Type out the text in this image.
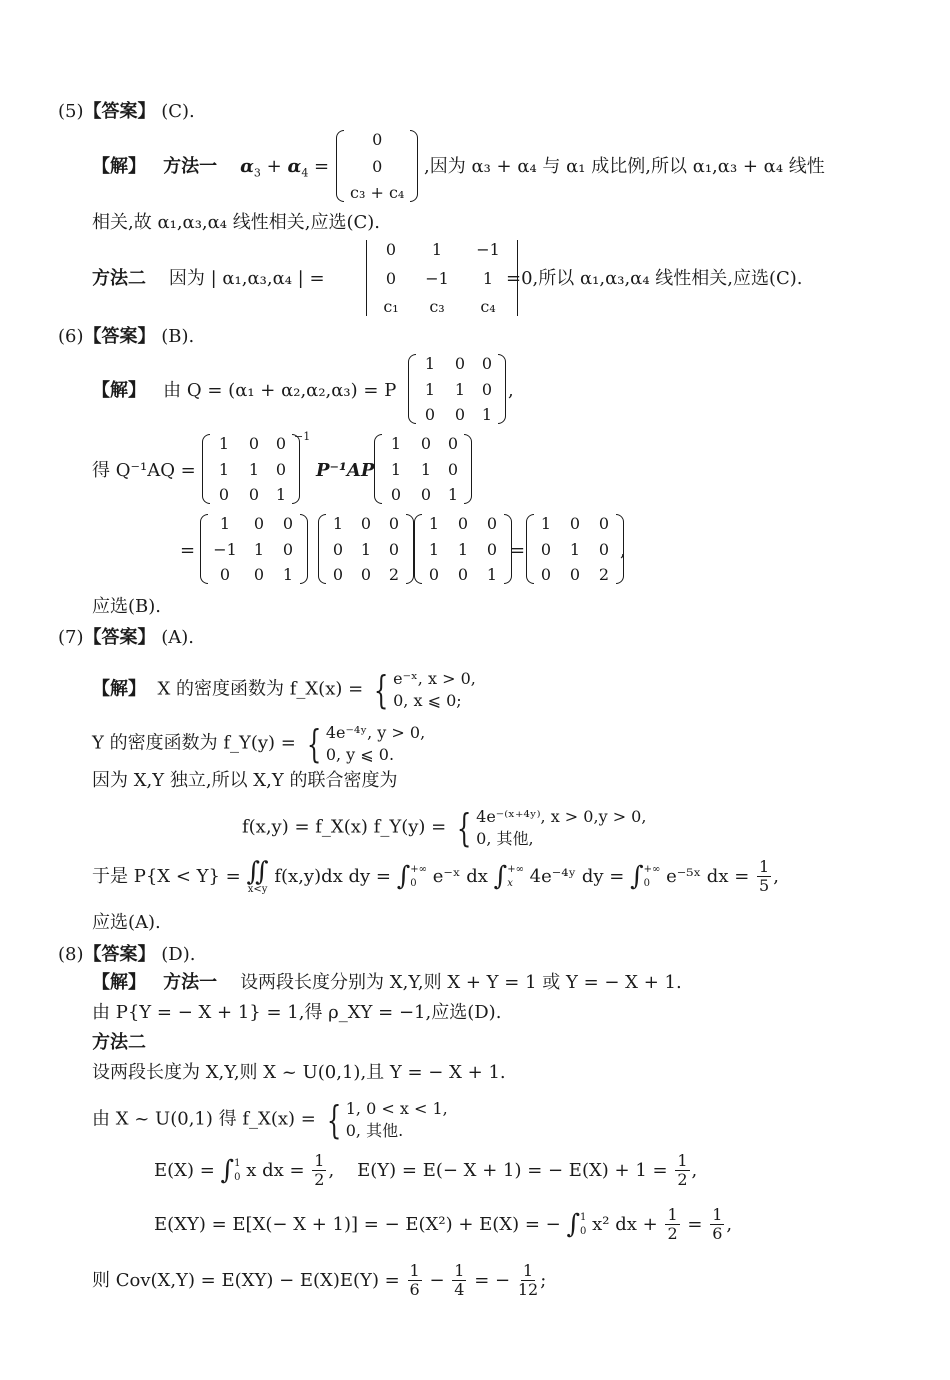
(5)【答案】 (C).
【解】 方法一 $\alpha_3 + \alpha_4$ =
0
0
c₃ + c₄
,因为 α₃ + α₄ 与 α₁ 成比例,所以 α₁,α₃ + α₄ 线性
相关,故 α₁,α₃,α₄ 线性相关,应选(C).
方法二 因为 | α₁,α₃,α₄ | =
0	1	−1
0	−1	1
c₁	c₃	c₄
=0,所以 α₁,α₃,α₄ 线性相关,应选(C).
(6)【答案】 (B).
【解】 由 Q = (α₁ + α₂,α₂,α₃) = P
1	0	0
1	1	0
0	0	1
,
得 Q⁻¹AQ =
1	0	0
1	1	0
0	0	1
−1
P⁻¹AP
1	0	0
1	1	0
0	0	1
=
1	0	0
−1	1	0
0	0	1
1	0	0
0	1	0
0	0	2
1	0	0
1	1	0
0	0	1
=
1	0	0
0	1	0
0	0	2
,
应选(B).
(7)【答案】 (A).
【解】 X 的密度函数为 f_X(x) = { e⁻ˣ, x > 0,
0, x ⩽ 0;
Y 的密度函数为 f_Y(y) = { 4e⁻⁴ʸ, y > 0,
0, y ⩽ 0.
因为 X,Y 独立,所以 X,Y 的联合密度为
f(x,y) = f_X(x) f_Y(y) = { 4e⁻⁽ˣ⁺⁴ʸ⁾, x > 0,y > 0,
0, 其他,
于是 P{X < Y} = ∬
x<y
f(x,y)dx dy = ∫ +∞
0 e⁻ˣ dx ∫ +∞
x 4e⁻⁴ʸ dy = ∫ +∞
0 e⁻⁵ˣ dx = $\frac{1}{5}$ ,
应选(A).
(8)【答案】 (D).
【解】 方法一 设两段长度分别为 X,Y,则 X + Y = 1 或 Y = − X + 1.
由 P{Y = − X + 1} = 1,得 ρ_XY = −1,应选(D).
方法二
设两段长度为 X,Y,则 X ~ U(0,1),且 Y = − X + 1.
由 X ~ U(0,1) 得 f_X(x) = { 1, 0 < x < 1,
0, 其他.
E(X) = ∫ 1
0 x dx = $\frac{1}{2}$ , E(Y) = E(− X + 1) = − $E(X) + 1 = \frac{1}{2}$ ,
E(XY) = E[X(− X + 1)] = − E(X²) + E(X) = − ∫ 1
0 x² dx + $\frac{1}{2} = \frac{1}{6}$ ,
则 $Cov(X,Y) = E(XY) - E(X)E(Y) = \frac{1}{6} - \frac{1}{4}$ = − $\frac{1}{12}$ ;
